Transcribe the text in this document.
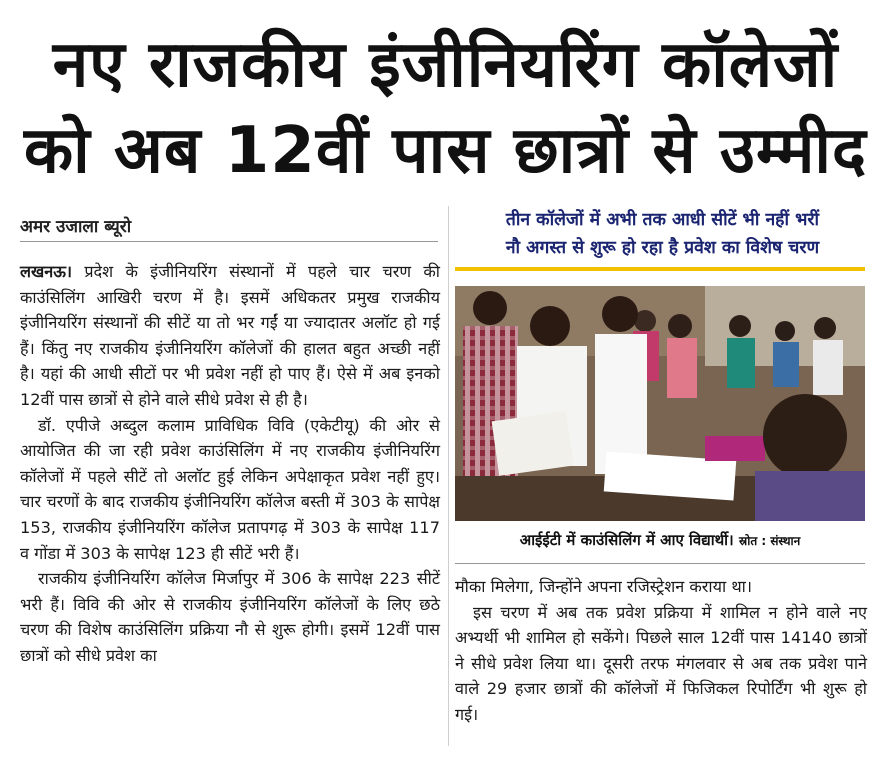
नए राजकीय इंजीनियरिंग कॉलेजों
को अब 12वीं पास छात्रों से उम्मीद
अमर उजाला ब्यूरो

लखनऊ। प्रदेश के इंजीनियरिंग संस्थानों में पहले चार चरण की काउंसिलिंग आखिरी चरण में है। इसमें अधिकतर प्रमुख राजकीय इंजीनियरिंग संस्थानों की सीटें या तो भर गईं या ज्यादातर अलॉट हो गई हैं। किंतु नए राजकीय इंजीनियरिंग कॉलेजों की हालत बहुत अच्छी नहीं है। यहां की आधी सीटों पर भी प्रवेश नहीं हो पाए हैं। ऐसे में अब इनको 12वीं पास छात्रों से होने वाले सीधे प्रवेश से ही है।

डॉ. एपीजे अब्दुल कलाम प्राविधिक विवि (एकेटीयू) की ओर से आयोजित की जा रही प्रवेश काउंसिलिंग में नए राजकीय इंजीनियरिंग कॉलेजों में पहले सीटें तो अलॉट हुई लेकिन अपेक्षाकृत प्रवेश नहीं हुए। चार चरणों के बाद राजकीय इंजीनियरिंग कॉलेज बस्ती में 303 के सापेक्ष 153, राजकीय इंजीनियरिंग कॉलेज प्रतापगढ़ में 303 के सापेक्ष 117 व गोंडा में 303 के सापेक्ष 123 ही सीटें भरी हैं।

राजकीय इंजीनियरिंग कॉलेज मिर्जापुर में 306 के सापेक्ष 223 सीटें भरी हैं। विवि की ओर से राजकीय इंजीनियरिंग कॉलेजों के लिए छठे चरण की विशेष काउंसिलिंग प्रक्रिया नौ से शुरू होगी। इसमें 12वीं पास छात्रों को सीधे प्रवेश का

तीन कॉलेजों में अभी तक आधी सीटें भी नहीं भरीं
नौ अगस्त से शुरू हो रहा है प्रवेश का विशेष चरण
आईईटी में काउंसिलिंग में आए विद्यार्थी। स्रोत : संस्थान

मौका मिलेगा, जिन्होंने अपना रजिस्ट्रेशन कराया था।

इस चरण में अब तक प्रवेश प्रक्रिया में शामिल न होने वाले नए अभ्यर्थी भी शामिल हो सकेंगे। पिछले साल 12वीं पास 14140 छात्रों ने सीधे प्रवेश लिया था। दूसरी तरफ मंगलवार से अब तक प्रवेश पाने वाले 29 हजार छात्रों की कॉलेजों में फिजिकल रिपोर्टिंग भी शुरू हो गई।
